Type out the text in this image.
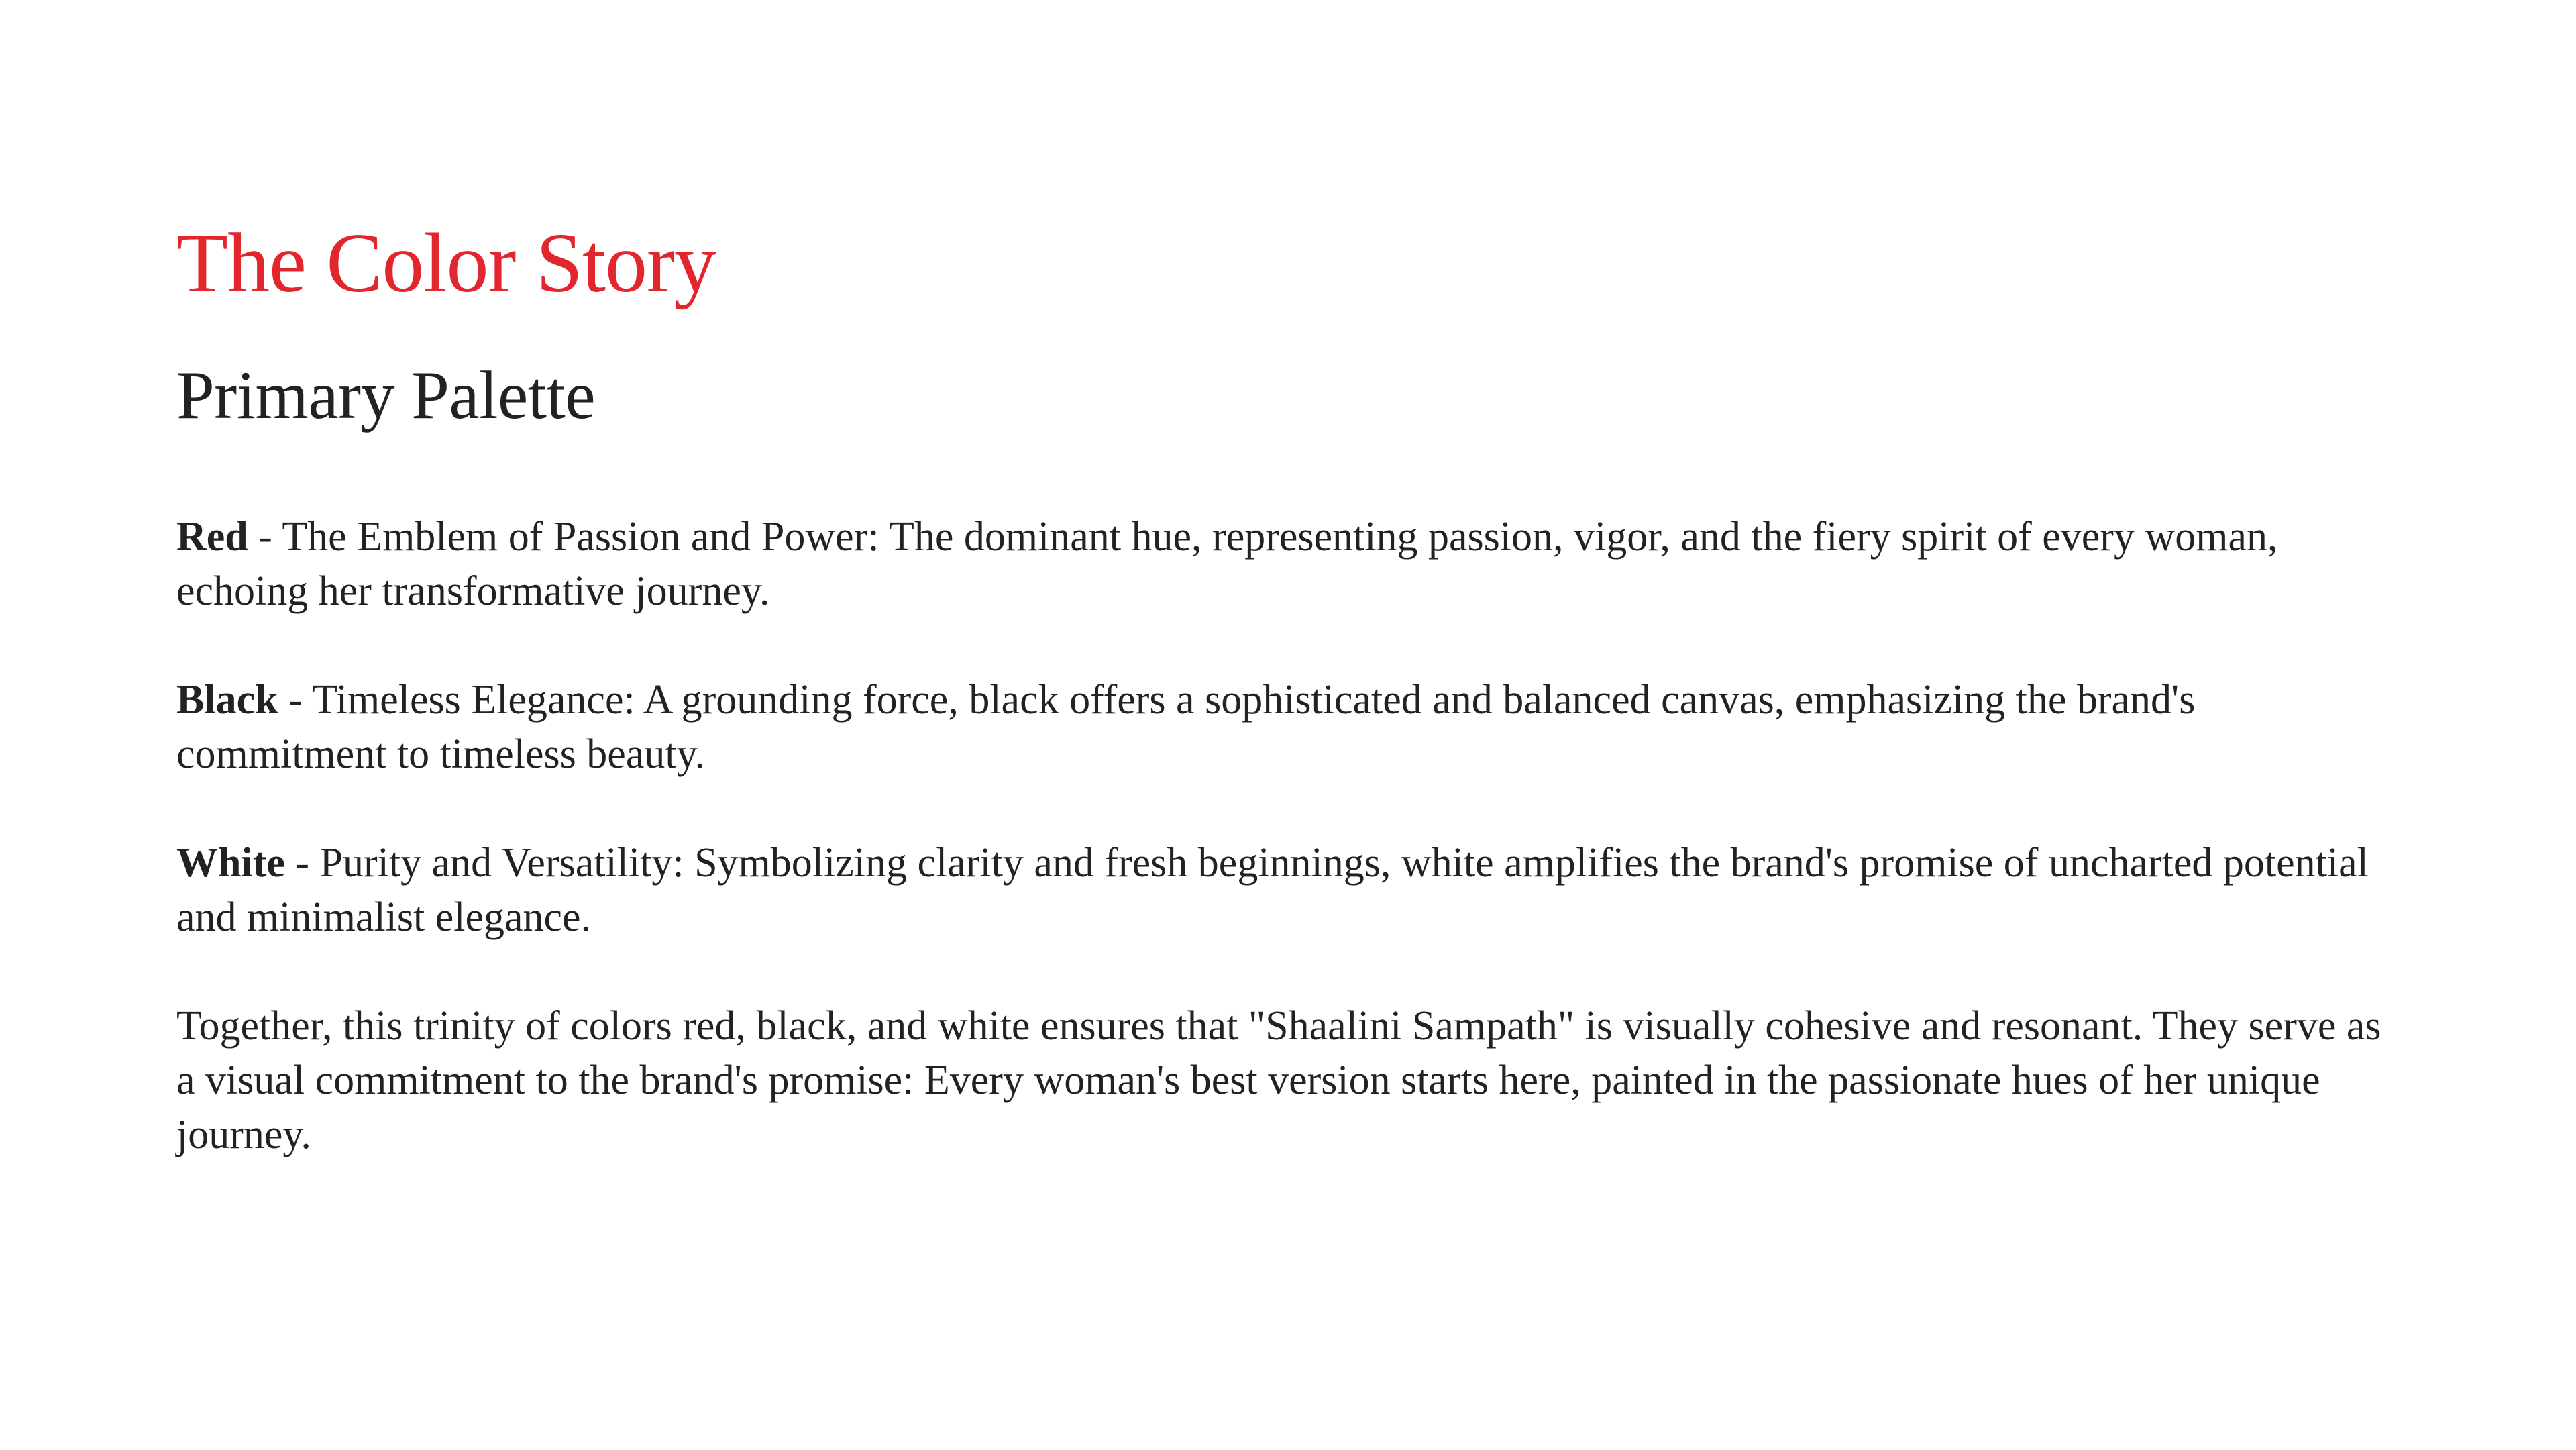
The Color Story
Primary Palette

Red - The Emblem of Passion and Power: The dominant hue, representing passion, vigor, and the fiery spirit of every woman, echoing her transformative journey.

Black - Timeless Elegance: A grounding force, black offers a sophisticated and balanced canvas, emphasizing the brand's commitment to timeless beauty.

White - Purity and Versatility: Symbolizing clarity and fresh beginnings, white amplifies the brand's promise of uncharted potential and minimalist elegance.

Together, this trinity of colors red, black, and white ensures that "Shaalini Sampath" is visually cohesive and resonant. They serve as a visual commitment to the brand's promise: Every woman's best version starts here, painted in the passionate hues of her unique journey.
